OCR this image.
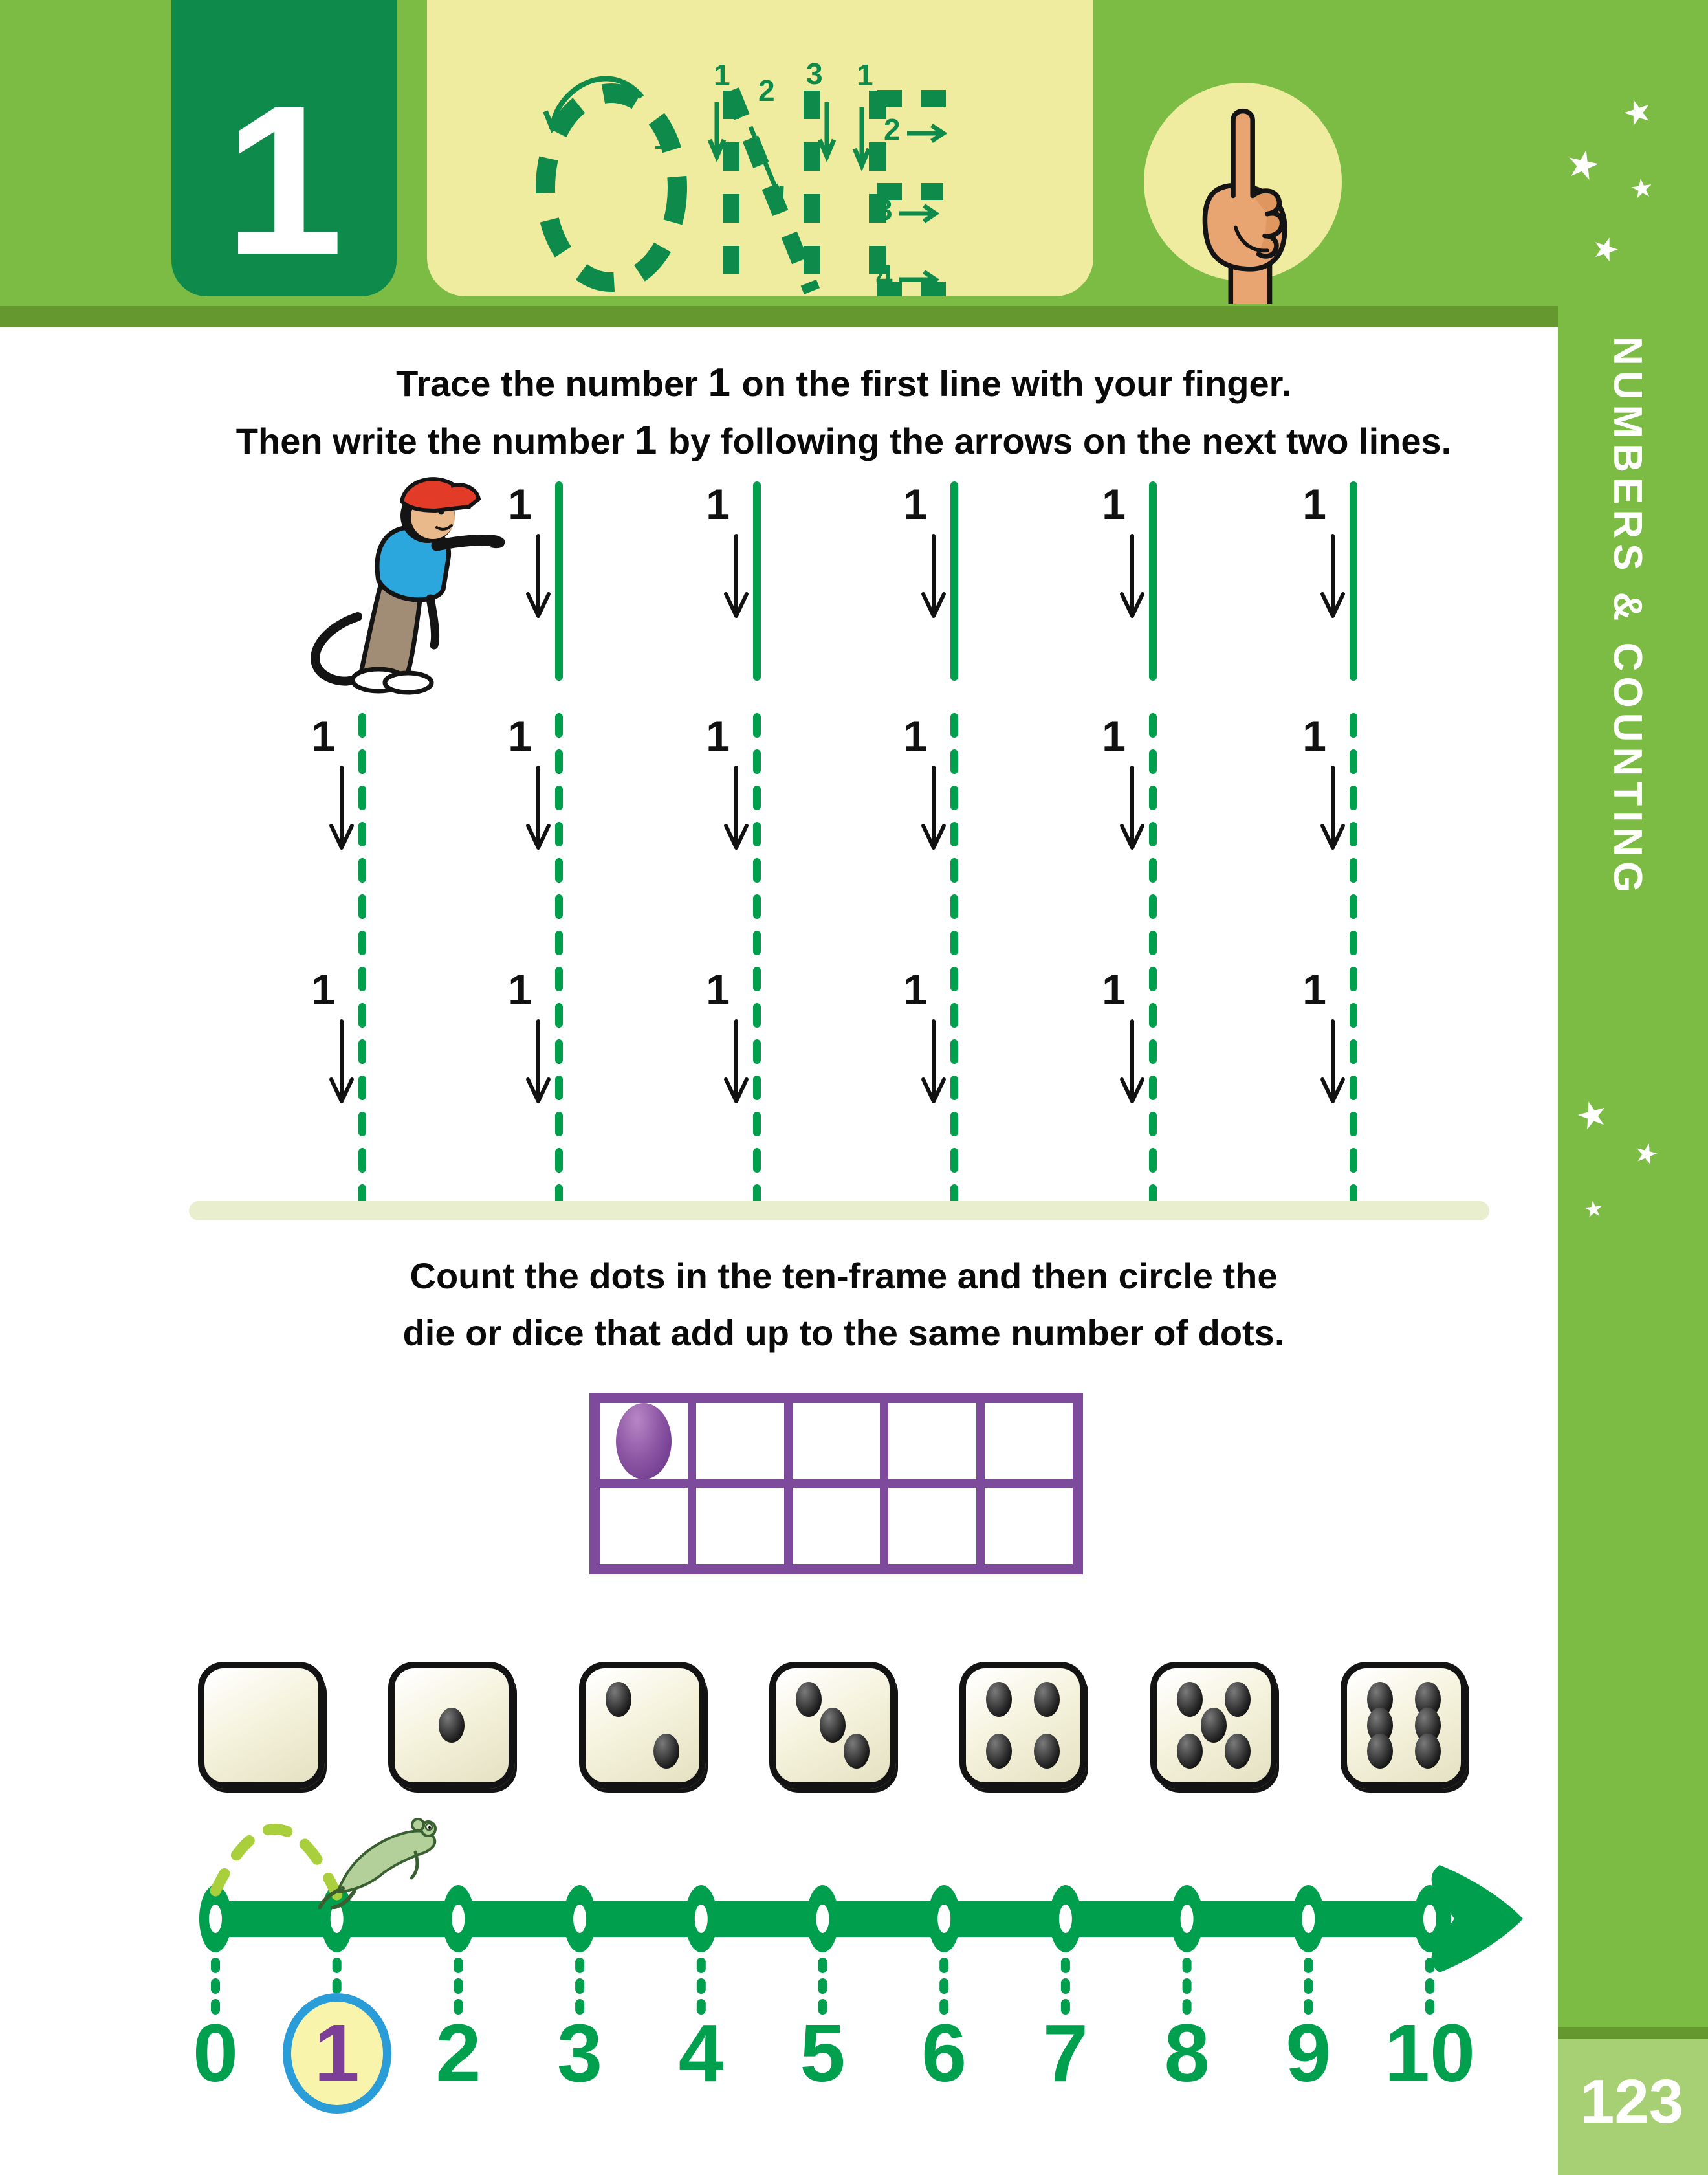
1	1
1 2 3 1
2
3
4
NUMBERS & COUNTING
123
★
★ ★
★
★
★
★
Trace the number 1 on the first line with your finger.
Then write the number 1 by following the arrows on the next two lines.
1	1	1	1	1
1	1	1	1	1	1
1	1	1	1	1	1
Count the dots in the ten-frame and then circle the
die or dice that add up to the same number of dots.
0 1 2 3 4 5 6 7 8 9 10
